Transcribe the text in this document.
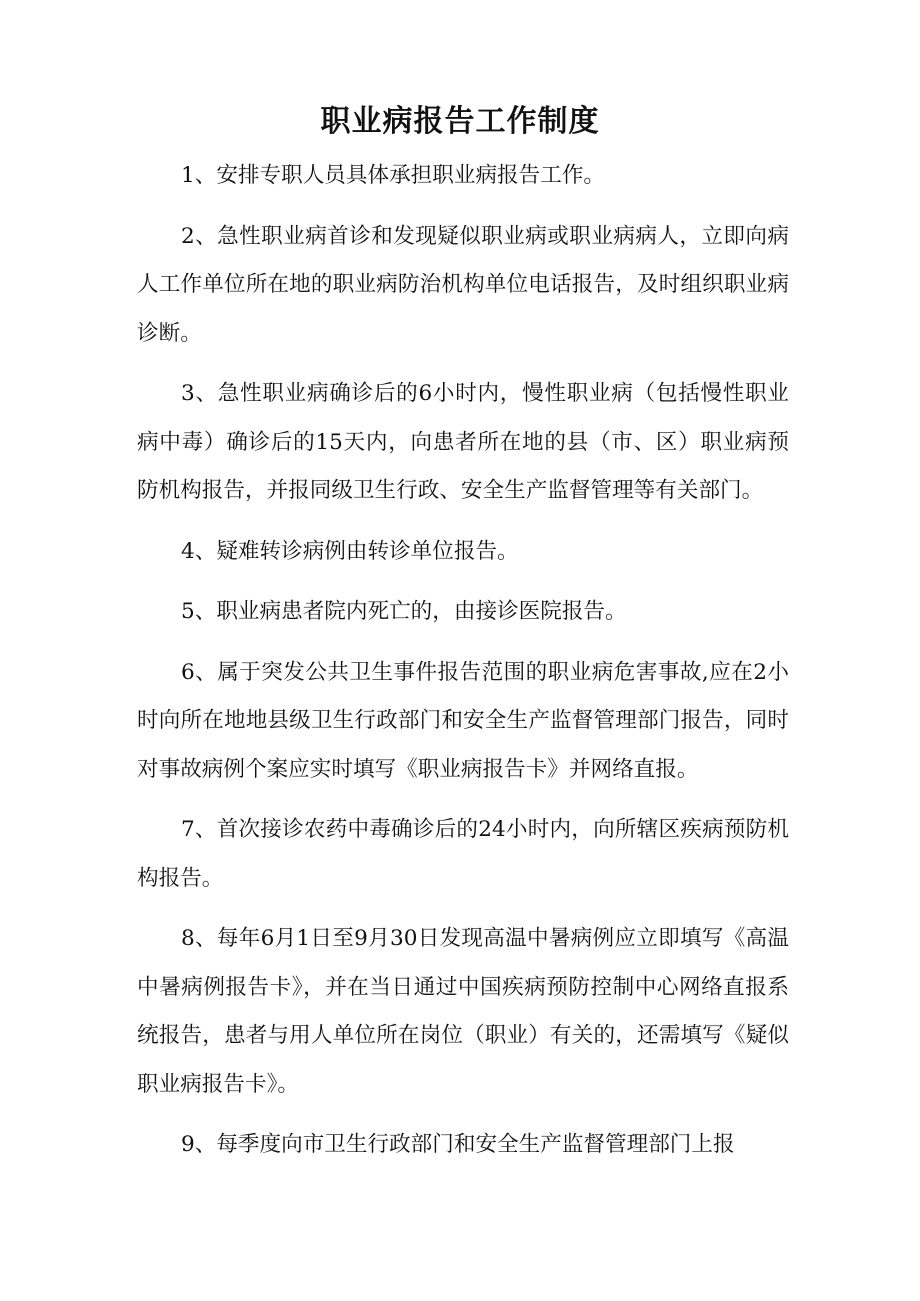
职业病报告工作制度

1、安排专职人员具体承担职业病报告工作。

2、急性职业病首诊和发现疑似职业病或职业病病人，立即向病人工作单位所在地的职业病防治机构单位电话报告，及时组织职业病诊断。

3、急性职业病确诊后的6小时内，慢性职业病（包括慢性职业病中毒）确诊后的15天内，向患者所在地的县（市、区）职业病预防机构报告，并报同级卫生行政、安全生产监督管理等有关部门。

4、疑难转诊病例由转诊单位报告。

5、职业病患者院内死亡的，由接诊医院报告。

6、属于突发公共卫生事件报告范围的职业病危害事故,应在2小时向所在地地县级卫生行政部门和安全生产监督管理部门报告，同时对事故病例个案应实时填写《职业病报告卡》并网络直报。

7、首次接诊农药中毒确诊后的24小时内，向所辖区疾病预防机构报告。

8、每年6月1日至9月30日发现高温中暑病例应立即填写《高温中暑病例报告卡》，并在当日通过中国疾病预防控制中心网络直报系统报告，患者与用人单位所在岗位（职业）有关的，还需填写《疑似职业病报告卡》。

9、每季度向市卫生行政部门和安全生产监督管理部门上报
